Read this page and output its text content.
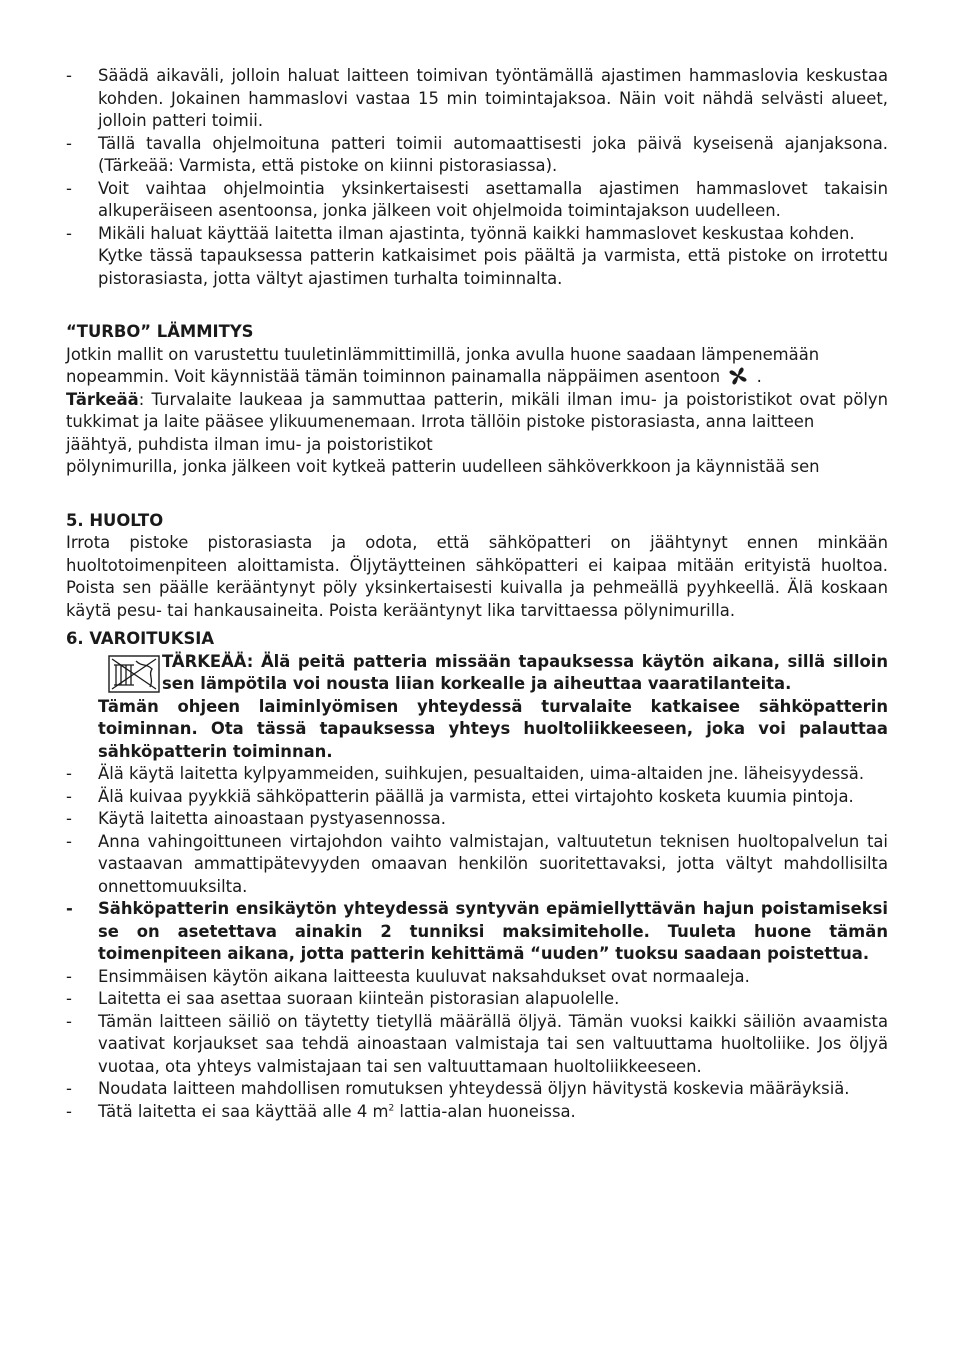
- Säädä aikaväli, jolloin haluat laitteen toimivan työntämällä ajastimen hammaslovia keskustaa kohden. Jokainen hammaslovi vastaa 15 min toimintajaksoa. Näin voit nähdä selvästi alueet, jolloin patteri toimii.
- Tällä tavalla ohjelmoituna patteri toimii automaattisesti joka päivä kyseisenä ajanjaksona. (Tärkeää: Varmista, että pistoke on kiinni pistorasiassa).
- Voit vaihtaa ohjelmointia yksinkertaisesti asettamalla ajastimen hammaslovet takaisin alkuperäiseen asentoonsa, jonka jälkeen voit ohjelmoida toimintajakson uudelleen.
- Mikäli haluat käyttää laitetta ilman ajastinta, työnnä kaikki hammaslovet keskustaa kohden.
Kytke tässä tapauksessa patterin katkaisimet pois päältä ja varmista, että pistoke on irrotettu pistorasiasta, jotta vältyt ajastimen turhalta toiminnalta.
“TURBO” LÄMMITYS
Jotkin mallit on varustettu tuuletinlämmittimillä, jonka avulla huone saadaan lämpenemään
nopeammin. Voit käynnistää tämän toiminnon painamalla näppäimen asentoon .
Tärkeää: Turvalaite laukeaa ja sammuttaa patterin, mikäli ilman imu- ja poistoristikot ovat pölyn tukkimat ja laite pääsee ylikuumenemaan. Irrota tällöin pistoke pistorasiasta, anna laitteen
jäähtyä, puhdista ilman imu- ja poistoristikot
pölynimurilla, jonka jälkeen voit kytkeä patterin uudelleen sähköverkkoon ja käynnistää sen
5. HUOLTO
Irrota pistoke pistorasiasta ja odota, että sähköpatteri on jäähtynyt ennen minkään huoltotoimenpiteen aloittamista. Öljytäytteinen sähköpatteri ei kaipaa mitään erityistä huoltoa. Poista sen päälle kerääntynyt pöly yksinkertaisesti kuivalla ja pehmeällä pyyhkeellä. Älä koskaan käytä pesu- tai hankausaineita. Poista kerääntynyt lika tarvittaessa pölynimurilla.
6. VAROITUKSIA
TÄRKEÄÄ: Älä peitä patteria missään tapauksessa käytön aikana, sillä silloin sen lämpötila voi nousta liian korkealle ja aiheuttaa vaaratilanteita.
Tämän ohjeen laiminlyömisen yhteydessä turvalaite katkaisee sähköpatterin toiminnan. Ota tässä tapauksessa yhteys huoltoliikkeeseen, joka voi palauttaa sähköpatterin toiminnan.
- Älä käytä laitetta kylpyammeiden, suihkujen, pesualtaiden, uima-altaiden jne. läheisyydessä.
- Älä kuivaa pyykkiä sähköpatterin päällä ja varmista, ettei virtajohto kosketa kuumia pintoja.
- Käytä laitetta ainoastaan pystyasennossa.
- Anna vahingoittuneen virtajohdon vaihto valmistajan, valtuutetun teknisen huoltopalvelun tai vastaavan ammattipätevyyden omaavan henkilön suoritettavaksi, jotta vältyt mahdollisilta onnettomuuksilta.
- Sähköpatterin ensikäytön yhteydessä syntyvän epämiellyttävän hajun poistamiseksi se on asetettava ainakin 2 tunniksi maksimiteholle. Tuuleta huone tämän toimenpiteen aikana, jotta patterin kehittämä “uuden” tuoksu saadaan poistettua.
- Ensimmäisen käytön aikana laitteesta kuuluvat naksahdukset ovat normaaleja.
- Laitetta ei saa asettaa suoraan kiinteän pistorasian alapuolelle.
- Tämän laitteen säiliö on täytetty tietyllä määrällä öljyä. Tämän vuoksi kaikki säiliön avaamista vaativat korjaukset saa tehdä ainoastaan valmistaja tai sen valtuuttama huoltoliike. Jos öljyä vuotaa, ota yhteys valmistajaan tai sen valtuuttamaan huoltoliikkeeseen.
- Noudata laitteen mahdollisen romutuksen yhteydessä öljyn hävitystä koskevia määräyksiä.
- Tätä laitetta ei saa käyttää alle 4 $m^2$ lattia-alan huoneissa.
